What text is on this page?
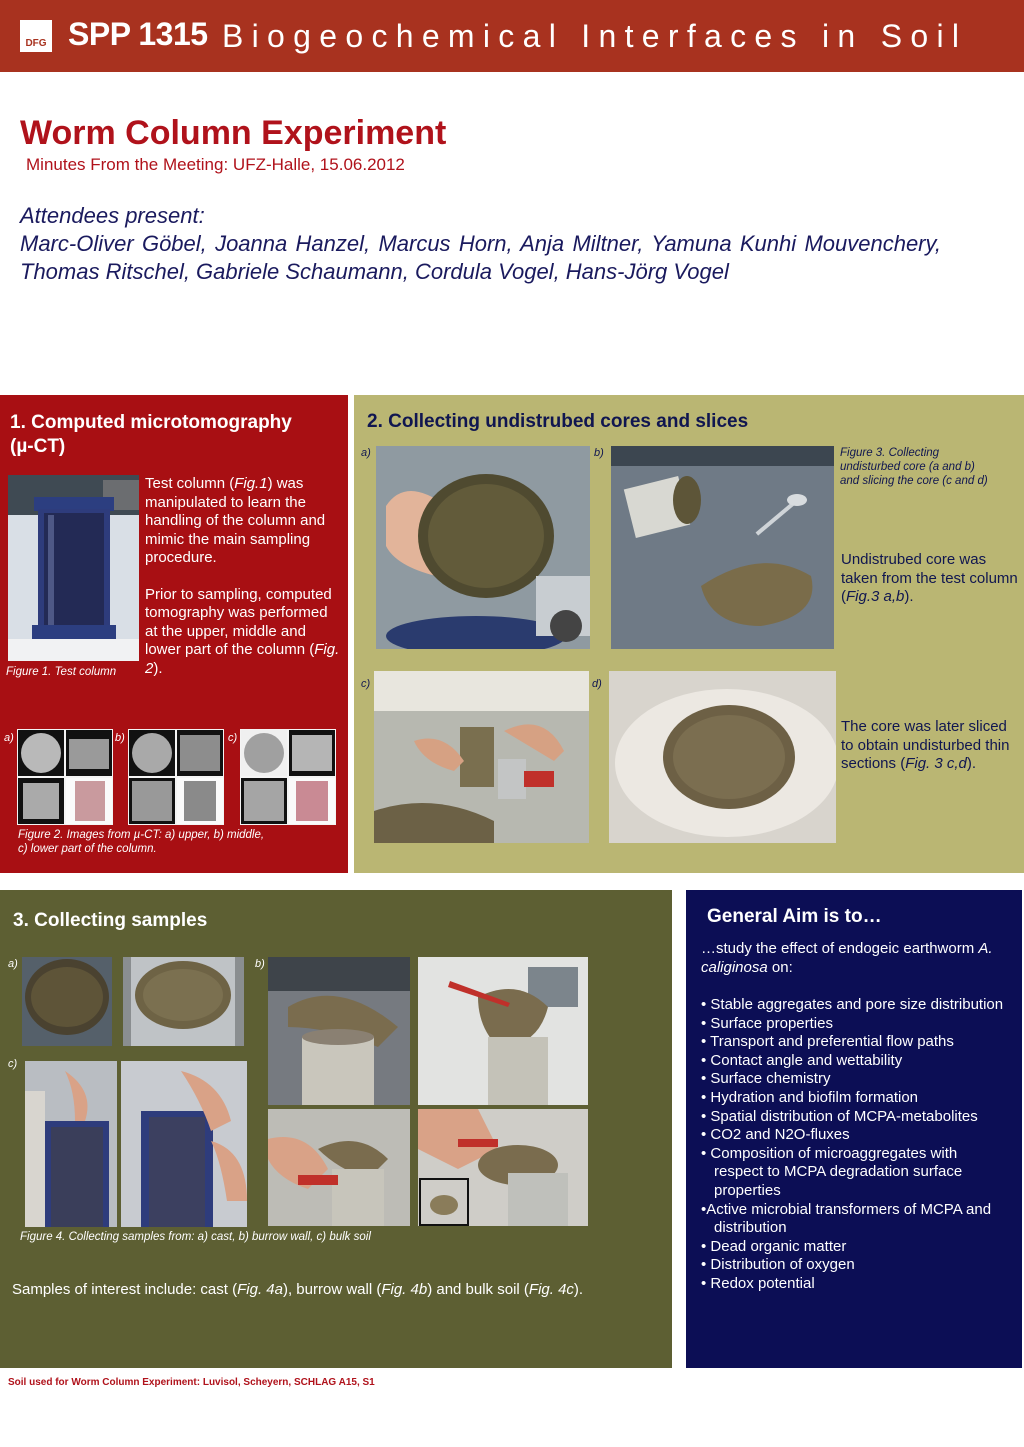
DFG SPP 1315 Biogeochemical Interfaces in Soil
Worm Column Experiment
Minutes From the Meeting: UFZ-Halle, 15.06.2012
Attendees present:
Marc-Oliver Göbel, Joanna Hanzel, Marcus Horn, Anja Miltner, Yamuna Kunhi Mouvenchery, Thomas Ritschel, Gabriele Schaumann, Cordula Vogel, Hans-Jörg Vogel
1. Computed microtomography
(µ-CT)
Figure 1. Test column

Test column (Fig.1) was manipulated to learn the handling of the column and mimic the main sampling procedure.

Prior to sampling, computed tomography was performed at the upper, middle and lower part of the column (Fig. 2).

a)	b)	c)
Figure 2. Images from µ-CT: a) upper, b) middle,
c) lower part of the column.
2. Collecting undistrubed cores and slices
a)	b)
c)	d)
Figure 3. Collecting
undisturbed core (a and b)
and slicing the core (c and d)
Undistrubed core was taken from the test column (Fig.3 a,b).
The core was later sliced to obtain undisturbed thin sections (Fig. 3 c,d).
3. Collecting samples
a)	b)
c)
Figure 4. Collecting samples from: a) cast, b) burrow wall, c) bulk soil
Samples of interest include: cast (Fig. 4a), burrow wall (Fig. 4b) and bulk soil (Fig. 4c).
General Aim is to…
…study the effect of endogeic earthworm A. caliginosa on:
• Stable aggregates and pore size distribution
• Surface properties
• Transport and preferential flow paths
• Contact angle and wettability
• Surface chemistry
• Hydration and biofilm formation
• Spatial distribution of MCPA-metabolites
• CO2 and N2O-fluxes
• Composition of microaggregates with respect to MCPA degradation surface properties
•Active microbial transformers of MCPA and distribution
• Dead organic matter
• Distribution of oxygen
• Redox potential
Soil used for Worm Column Experiment: Luvisol, Scheyern, SCHLAG A15, S1
